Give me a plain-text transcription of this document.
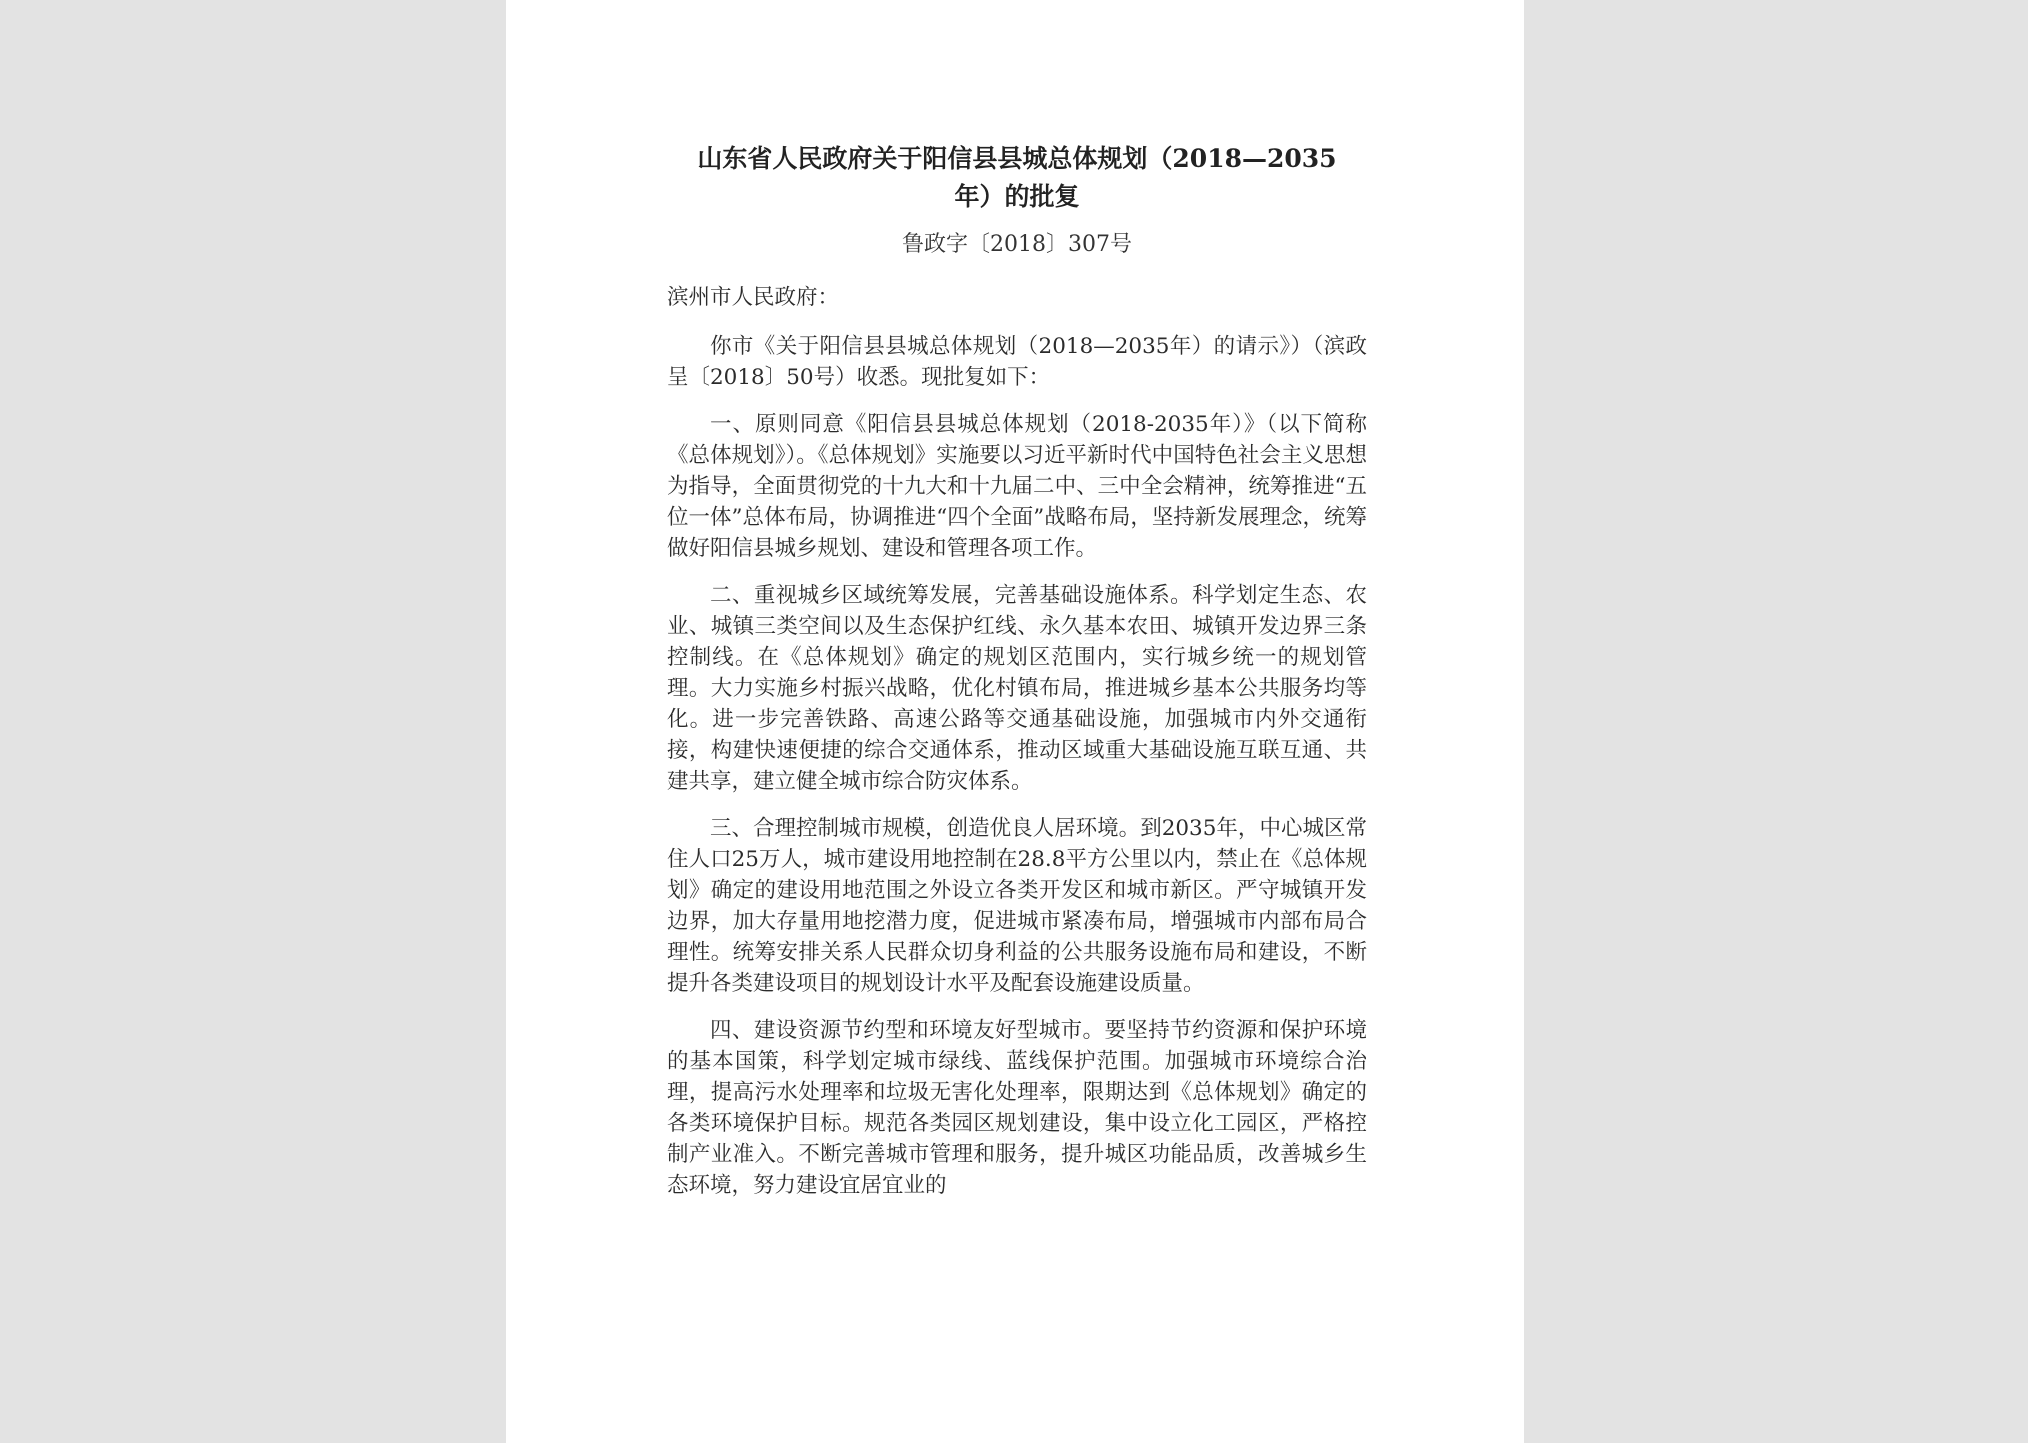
山东省人民政府关于阳信县县城总体规划（2018—2035
年）的批复
鲁政字〔2018〕307号
滨州市人民政府：

你市《关于阳信县县城总体规划（2018—2035年）的请示》）（滨政呈〔2018〕50号）收悉。现批复如下：

一、原则同意《阳信县县城总体规划（2018-2035年）》（以下简称《总体规划》）。《总体规划》实施要以习近平新时代中国特色社会主义思想为指导，全面贯彻党的十九大和十九届二中、三中全会精神，统筹推进“五位一体”总体布局，协调推进“四个全面”战略布局，坚持新发展理念，统筹做好阳信县城乡规划、建设和管理各项工作。

二、重视城乡区域统筹发展，完善基础设施体系。科学划定生态、农业、城镇三类空间以及生态保护红线、永久基本农田、城镇开发边界三条控制线。在《总体规划》确定的规划区范围内，实行城乡统一的规划管理。大力实施乡村振兴战略，优化村镇布局，推进城乡基本公共服务均等化。进一步完善铁路、高速公路等交通基础设施，加强城市内外交通衔接，构建快速便捷的综合交通体系，推动区域重大基础设施互联互通、共建共享，建立健全城市综合防灾体系。

三、合理控制城市规模，创造优良人居环境。到2035年，中心城区常住人口25万人，城市建设用地控制在28.8平方公里以内，禁止在《总体规划》确定的建设用地范围之外设立各类开发区和城市新区。严守城镇开发边界，加大存量用地挖潜力度，促进城市紧凑布局，增强城市内部布局合理性。统筹安排关系人民群众切身利益的公共服务设施布局和建设，不断提升各类建设项目的规划设计水平及配套设施建设质量。

四、建设资源节约型和环境友好型城市。要坚持节约资源和保护环境的基本国策，科学划定城市绿线、蓝线保护范围。加强城市环境综合治理，提高污水处理率和垃圾无害化处理率，限期达到《总体规划》确定的各类环境保护目标。规范各类园区规划建设，集中设立化工园区，严格控制产业准入。不断完善城市管理和服务，提升城区功能品质，改善城乡生态环境，努力建设宜居宜业的
